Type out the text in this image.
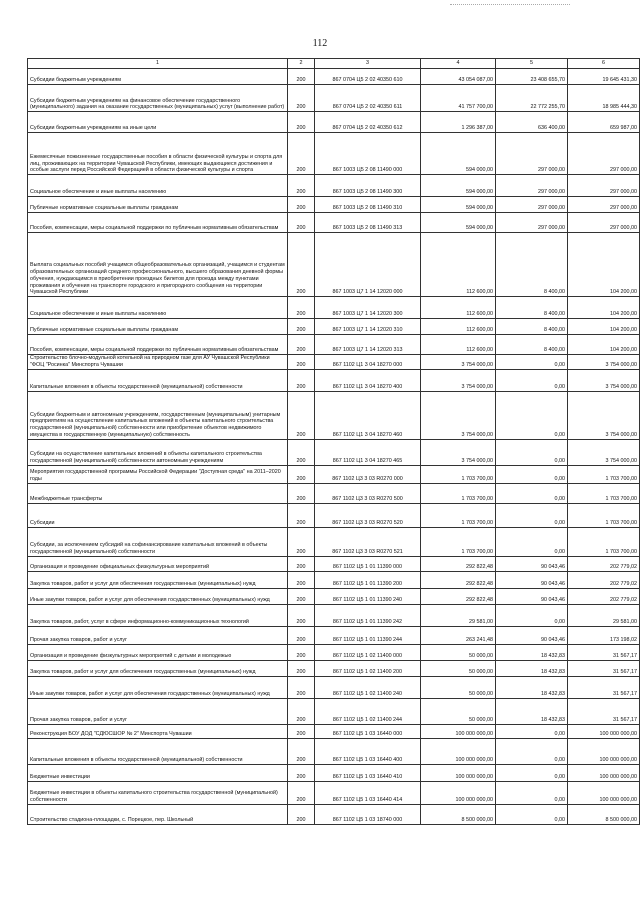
112
1	2	3	4	5	6
Субсидии бюджетным учреждениям	200	867 0704 Ц5 2 02 40350 610	43 054 087,00	23 408 655,70	19 645 431,30
Субсидии бюджетным учреждениям на финансовое обеспечение государственного (муниципального) задания на оказание государственных (муниципальных) услуг (выполнение работ)	200	867 0704 Ц5 2 02 40350 611	41 757 700,00	22 772 255,70	18 985 444,30
Субсидии бюджетным учреждениям на иные цели	200	867 0704 Ц5 2 02 40350 612	1 296 387,00	636 400,00	659 987,00
Ежемесячные пожизненные государственные пособия в области физической культуры и спорта для лиц, проживающих на территории Чувашской Республики, имеющих выдающиеся достижения и особые заслуги перед Российской Федерацией в области физической культуры и спорта	200	867 1003 Ц5 2 08 11490 000	594 000,00	297 000,00	297 000,00
Социальное обеспечение и иные выплаты населению	200	867 1003 Ц5 2 08 11490 300	594 000,00	297 000,00	297 000,00
Публичные нормативные социальные выплаты гражданам	200	867 1003 Ц5 2 08 11490 310	594 000,00	297 000,00	297 000,00
Пособия, компенсации, меры социальной поддержки по публичным нормативным обязательствам	200	867 1003 Ц5 2 08 11490 313	594 000,00	297 000,00	297 000,00
Выплата социальных пособий учащимся общеобразовательных организаций, учащимся и студентам образовательных организаций среднего профессионального, высшего образования дневной формы обучения, нуждающимся в приобретении проездных билетов для проезда между пунктами проживания и обучения на транспорте городского и пригородного сообщения на территории Чувашской Республики	200	867 1003 Ц7 1 14 12020 000	112 600,00	8 400,00	104 200,00
Социальное обеспечение и иные выплаты населению	200	867 1003 Ц7 1 14 12020 300	112 600,00	8 400,00	104 200,00
Публичные нормативные социальные выплаты гражданам	200	867 1003 Ц7 1 14 12020 310	112 600,00	8 400,00	104 200,00
Пособия, компенсации, меры социальной поддержки по публичным нормативным обязательствам	200	867 1003 Ц7 1 14 12020 313	112 600,00	8 400,00	104 200,00
Строительство блочно-модульной котельной на природном газе для АУ Чувашской Республики "ФОЦ "Росинка" Минспорта Чувашии	200	867 1102 Ц1 3 04 18270 000	3 754 000,00	0,00	3 754 000,00
Капитальные вложения в объекты государственной (муниципальной) собственности	200	867 1102 Ц1 3 04 18270 400	3 754 000,00	0,00	3 754 000,00
Субсидии бюджетным и автономным учреждениям, государственным (муниципальным) унитарным предприятиям на осуществление капитальных вложений в объекты капитального строительства государственной (муниципальной) собственности или приобретение объектов недвижимого имущества в государственную (муниципальную) собственность	200	867 1102 Ц1 3 04 18270 460	3 754 000,00	0,00	3 754 000,00
Субсидии на осуществление капитальных вложений в объекты капитального строительства государственной (муниципальной) собственности автономным учреждениям	200	867 1102 Ц1 3 04 18270 465	3 754 000,00	0,00	3 754 000,00
Мероприятия государственной программы Российской Федерации "Доступная среда" на 2011–2020 годы	200	867 1102 Ц3 3 03 R0270 000	1 703 700,00	0,00	1 703 700,00
Межбюджетные трансферты	200	867 1102 Ц3 3 03 R0270 500	1 703 700,00	0,00	1 703 700,00
Субсидии	200	867 1102 Ц3 3 03 R0270 520	1 703 700,00	0,00	1 703 700,00
Субсидии, за исключением субсидий на софинансирование капитальных вложений в объекты государственной (муниципальной) собственности	200	867 1102 Ц3 3 03 R0270 521	1 703 700,00	0,00	1 703 700,00
Организация и проведение официальных физкультурных мероприятий	200	867 1102 Ц5 1 01 11390 000	292 822,48	90 043,46	202 779,02
Закупка товаров, работ и услуг для обеспечения государственных (муниципальных) нужд	200	867 1102 Ц5 1 01 11390 200	292 822,48	90 043,46	202 779,02
Иные закупки товаров, работ и услуг для обеспечения государственных (муниципальных) нужд	200	867 1102 Ц5 1 01 11390 240	292 822,48	90 043,46	202 779,02
Закупка товаров, работ, услуг в сфере информационно-коммуникационных технологий	200	867 1102 Ц5 1 01 11390 242	29 581,00	0,00	29 581,00
Прочая закупка товаров, работ и услуг	200	867 1102 Ц5 1 01 11390 244	263 241,48	90 043,46	173 198,02
Организация и проведение физкультурных мероприятий с детьми и молодежью	200	867 1102 Ц5 1 02 11400 000	50 000,00	18 432,83	31 567,17
Закупка товаров, работ и услуг для обеспечения государственных (муниципальных) нужд	200	867 1102 Ц5 1 02 11400 200	50 000,00	18 432,83	31 567,17
Иные закупки товаров, работ и услуг для обеспечения государственных (муниципальных) нужд	200	867 1102 Ц5 1 02 11400 240	50 000,00	18 432,83	31 567,17
Прочая закупка товаров, работ и услуг	200	867 1102 Ц5 1 02 11400 244	50 000,00	18 432,83	31 567,17
Реконструкция БОУ ДОД "СДЮСШОР № 2" Минспорта Чувашии	200	867 1102 Ц5 1 03 16440 000	100 000 000,00	0,00	100 000 000,00
Капитальные вложения в объекты государственной (муниципальной) собственности	200	867 1102 Ц5 1 03 16440 400	100 000 000,00	0,00	100 000 000,00
Бюджетные инвестиции	200	867 1102 Ц5 1 03 16440 410	100 000 000,00	0,00	100 000 000,00
Бюджетные инвестиции в объекты капитального строительства государственной (муниципальной) собственности	200	867 1102 Ц5 1 03 16440 414	100 000 000,00	0,00	100 000 000,00
Строительство стадиона-площадки, с. Порецкое, пер. Школьный	200	867 1102 Ц5 1 03 18740 000	8 500 000,00	0,00	8 500 000,00
